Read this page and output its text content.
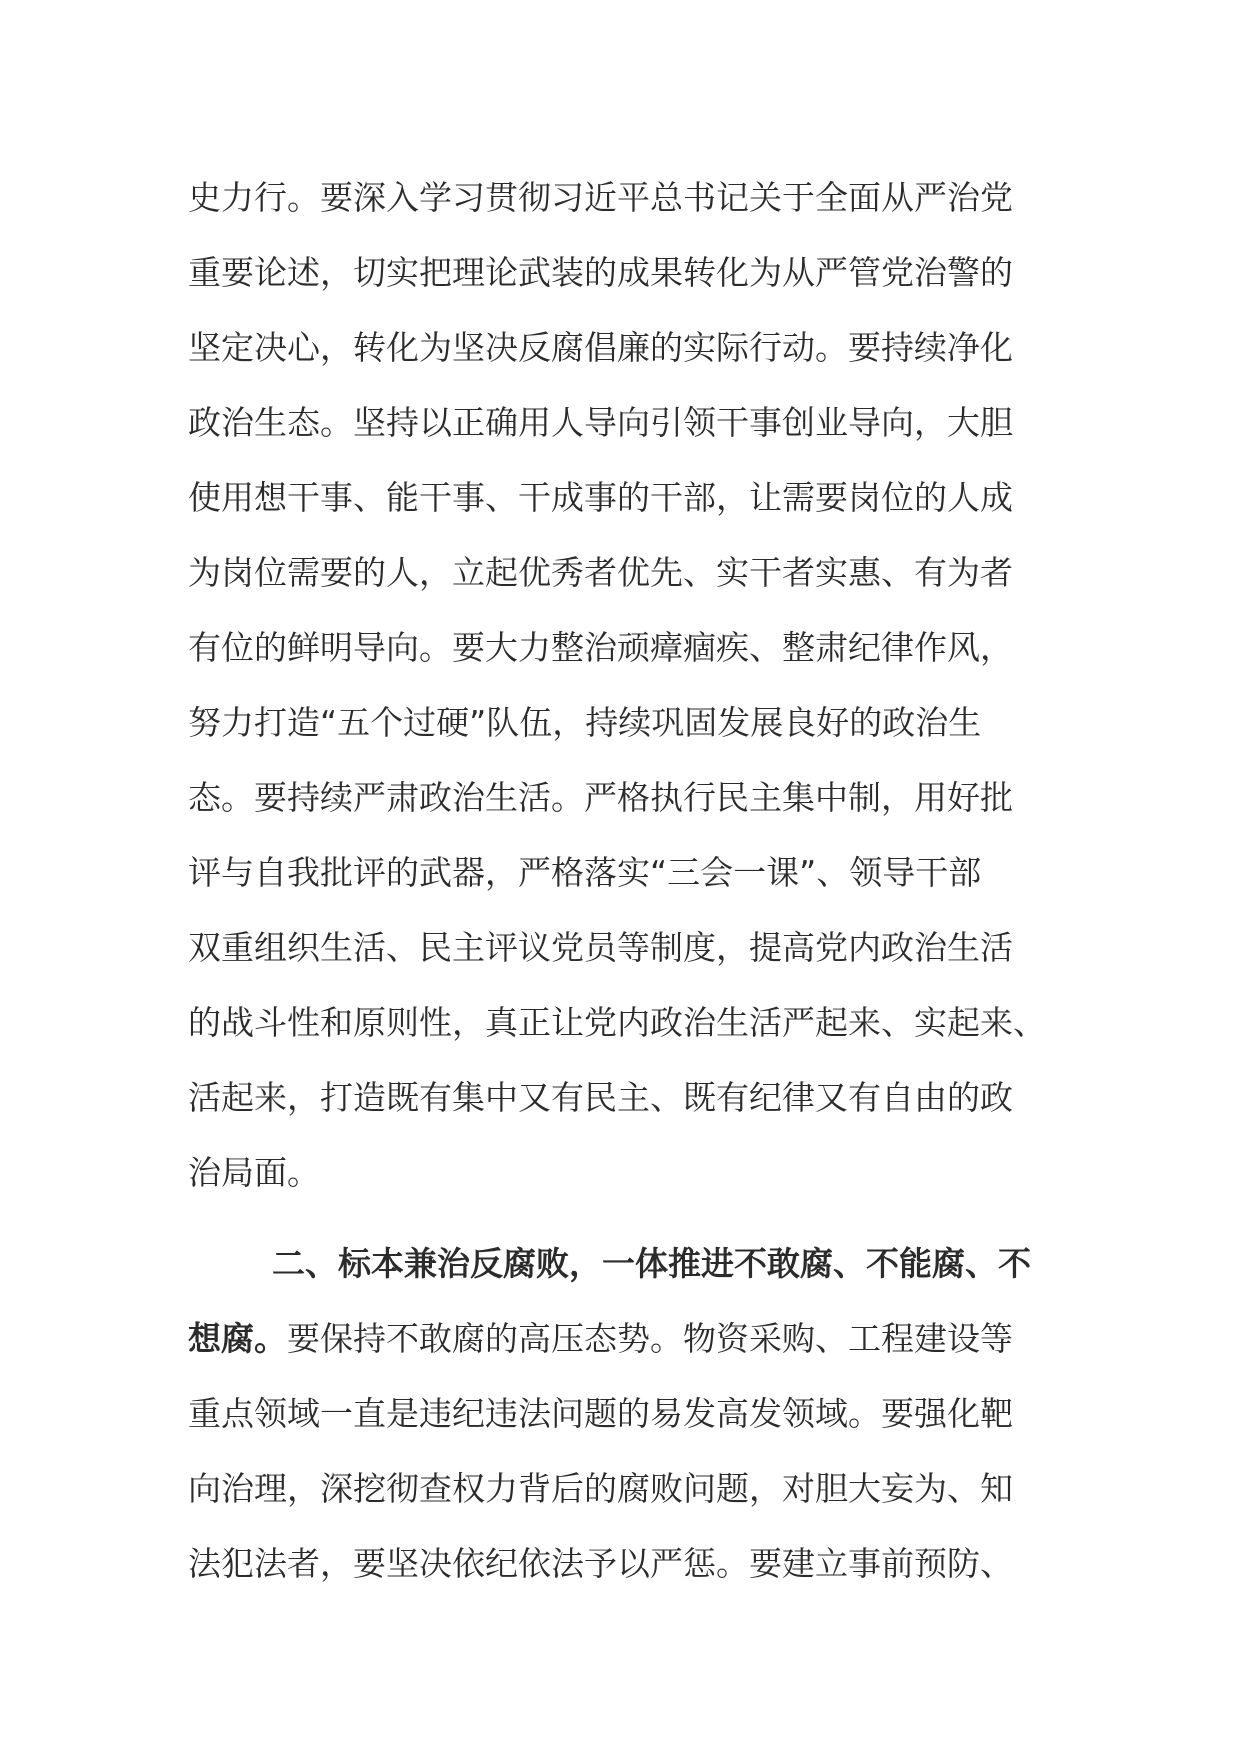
史力行。要深入学习贯彻习近平总书记关于全面从严治党
重要论述，切实把理论武装的成果转化为从严管党治警的
坚定决心，转化为坚决反腐倡廉的实际行动。要持续净化
政治生态。坚持以正确用人导向引领干事创业导向，大胆
使用想干事、能干事、干成事的干部，让需要岗位的人成
为岗位需要的人，立起优秀者优先、实干者实惠、有为者
有位的鲜明导向。要大力整治顽瘴痼疾、整肃纪律作风，
努力打造“五个过硬”队伍，持续巩固发展良好的政治生
态。要持续严肃政治生活。严格执行民主集中制，用好批
评与自我批评的武器，严格落实“三会一课”、领导干部
双重组织生活、民主评议党员等制度，提高党内政治生活
的战斗性和原则性，真正让党内政治生活严起来、实起来、
活起来，打造既有集中又有民主、既有纪律又有自由的政
治局面。
二、标本兼治反腐败，一体推进不敢腐、不能腐、不
想腐。要保持不敢腐的高压态势。物资采购、工程建设等
重点领域一直是违纪违法问题的易发高发领域。要强化靶
向治理，深挖彻查权力背后的腐败问题，对胆大妄为、知
法犯法者，要坚决依纪依法予以严惩。要建立事前预防、
